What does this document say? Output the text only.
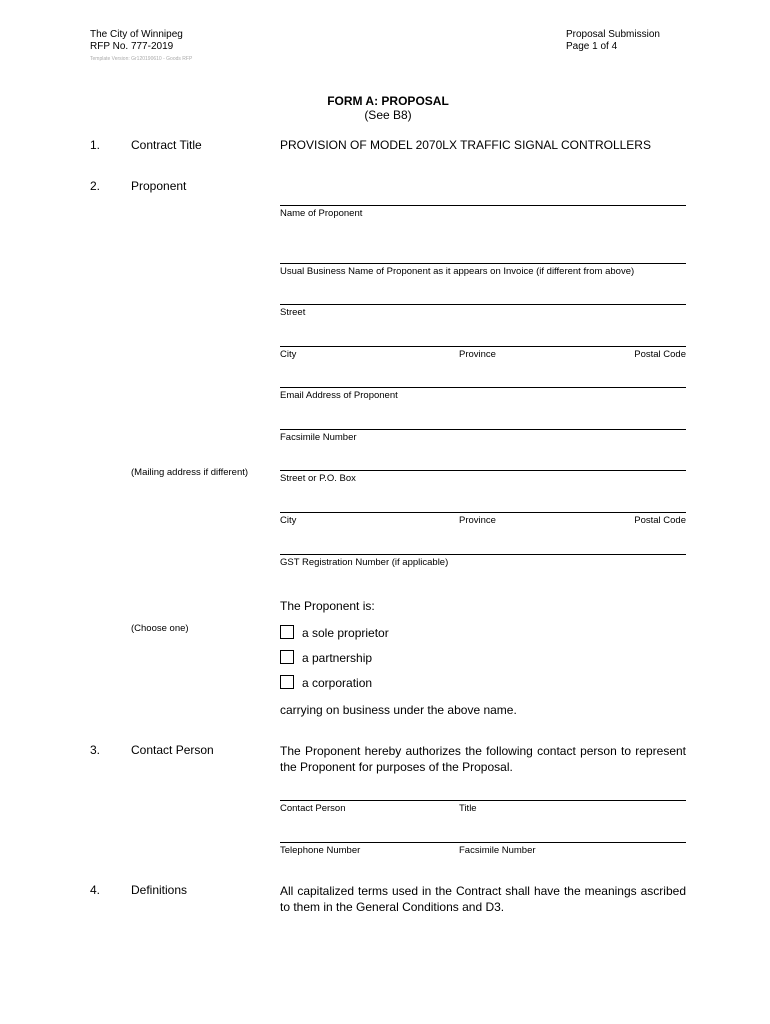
The City of Winnipeg
RFP No. 777-2019
Template Version: Gr120190610 - Goods RFP
Proposal Submission
Page 1 of 4
FORM A: PROPOSAL
(See B8)
1.	Contract Title	PROVISION OF MODEL 2070LX TRAFFIC SIGNAL CONTROLLERS
2.	Proponent
Name of Proponent
Usual Business Name of Proponent as it appears on Invoice (if different from above)
Street
City	Province	Postal Code
Email Address of Proponent
Facsimile Number
(Mailing address if different)
Street or P.O. Box
City	Province	Postal Code
GST Registration Number (if applicable)
The Proponent is:
(Choose one)	a sole proprietor
a partnership
a corporation
carrying on business under the above name.
3.	Contact Person	The Proponent hereby authorizes the following contact person to represent the Proponent for purposes of the Proposal.
Contact Person	Title
Telephone Number	Facsimile Number
4.	Definitions	All capitalized terms used in the Contract shall have the meanings ascribed to them in the General Conditions and D3.
